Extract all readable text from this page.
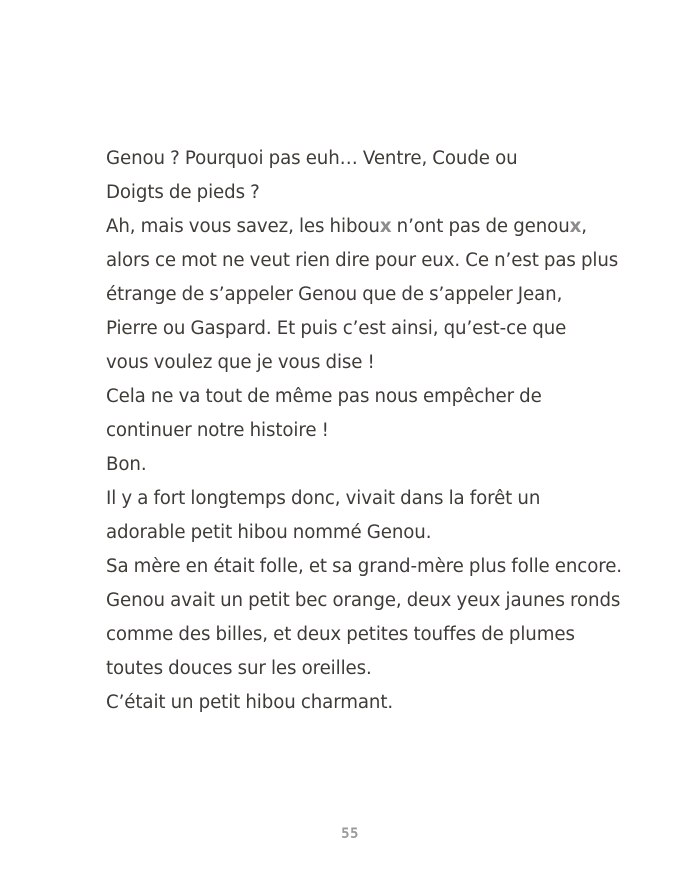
Genou ? Pourquoi pas euh… Ventre, Coude ou
Doigts de pieds ?
Ah, mais vous savez, les hiboux n’ont pas de genoux,
alors ce mot ne veut rien dire pour eux. Ce n’est pas plus
étrange de s’appeler Genou que de s’appeler Jean,
Pierre ou Gaspard. Et puis c’est ainsi, qu’est-ce que
vous voulez que je vous dise !
Cela ne va tout de même pas nous empêcher de
continuer notre histoire !
Bon.
Il y a fort longtemps donc, vivait dans la forêt un
adorable petit hibou nommé Genou.
Sa mère en était folle, et sa grand-mère plus folle encore.
Genou avait un petit bec orange, deux yeux jaunes ronds
comme des billes, et deux petites touffes de plumes
toutes douces sur les oreilles.
C’était un petit hibou charmant.
55
